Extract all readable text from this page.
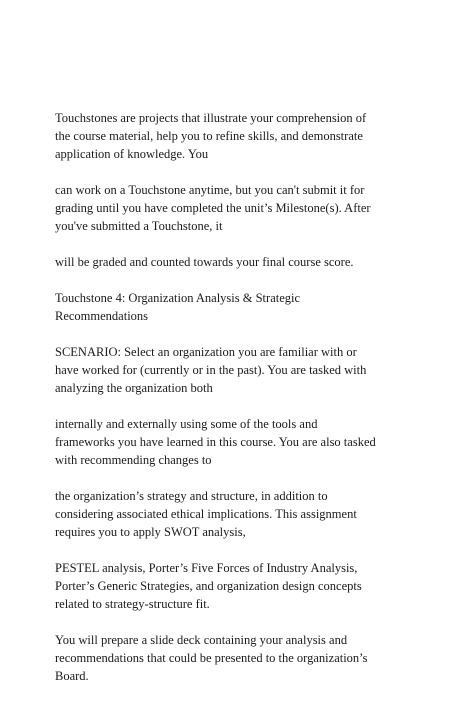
Touchstones are projects that illustrate your comprehension of
the course material, help you to refine skills, and demonstrate
application of knowledge. You

can work on a Touchstone anytime, but you can't submit it for
grading until you have completed the unit’s Milestone(s). After
you've submitted a Touchstone, it

will be graded and counted towards your final course score.

Touchstone 4: Organization Analysis & Strategic
Recommendations

SCENARIO: Select an organization you are familiar with or
have worked for (currently or in the past). You are tasked with
analyzing the organization both

internally and externally using some of the tools and
frameworks you have learned in this course. You are also tasked
with recommending changes to

the organization’s strategy and structure, in addition to
considering associated ethical implications. This assignment
requires you to apply SWOT analysis,

PESTEL analysis, Porter’s Five Forces of Industry Analysis,
Porter’s Generic Strategies, and organization design concepts
related to strategy-structure fit.

You will prepare a slide deck containing your analysis and
recommendations that could be presented to the organization’s
Board.
